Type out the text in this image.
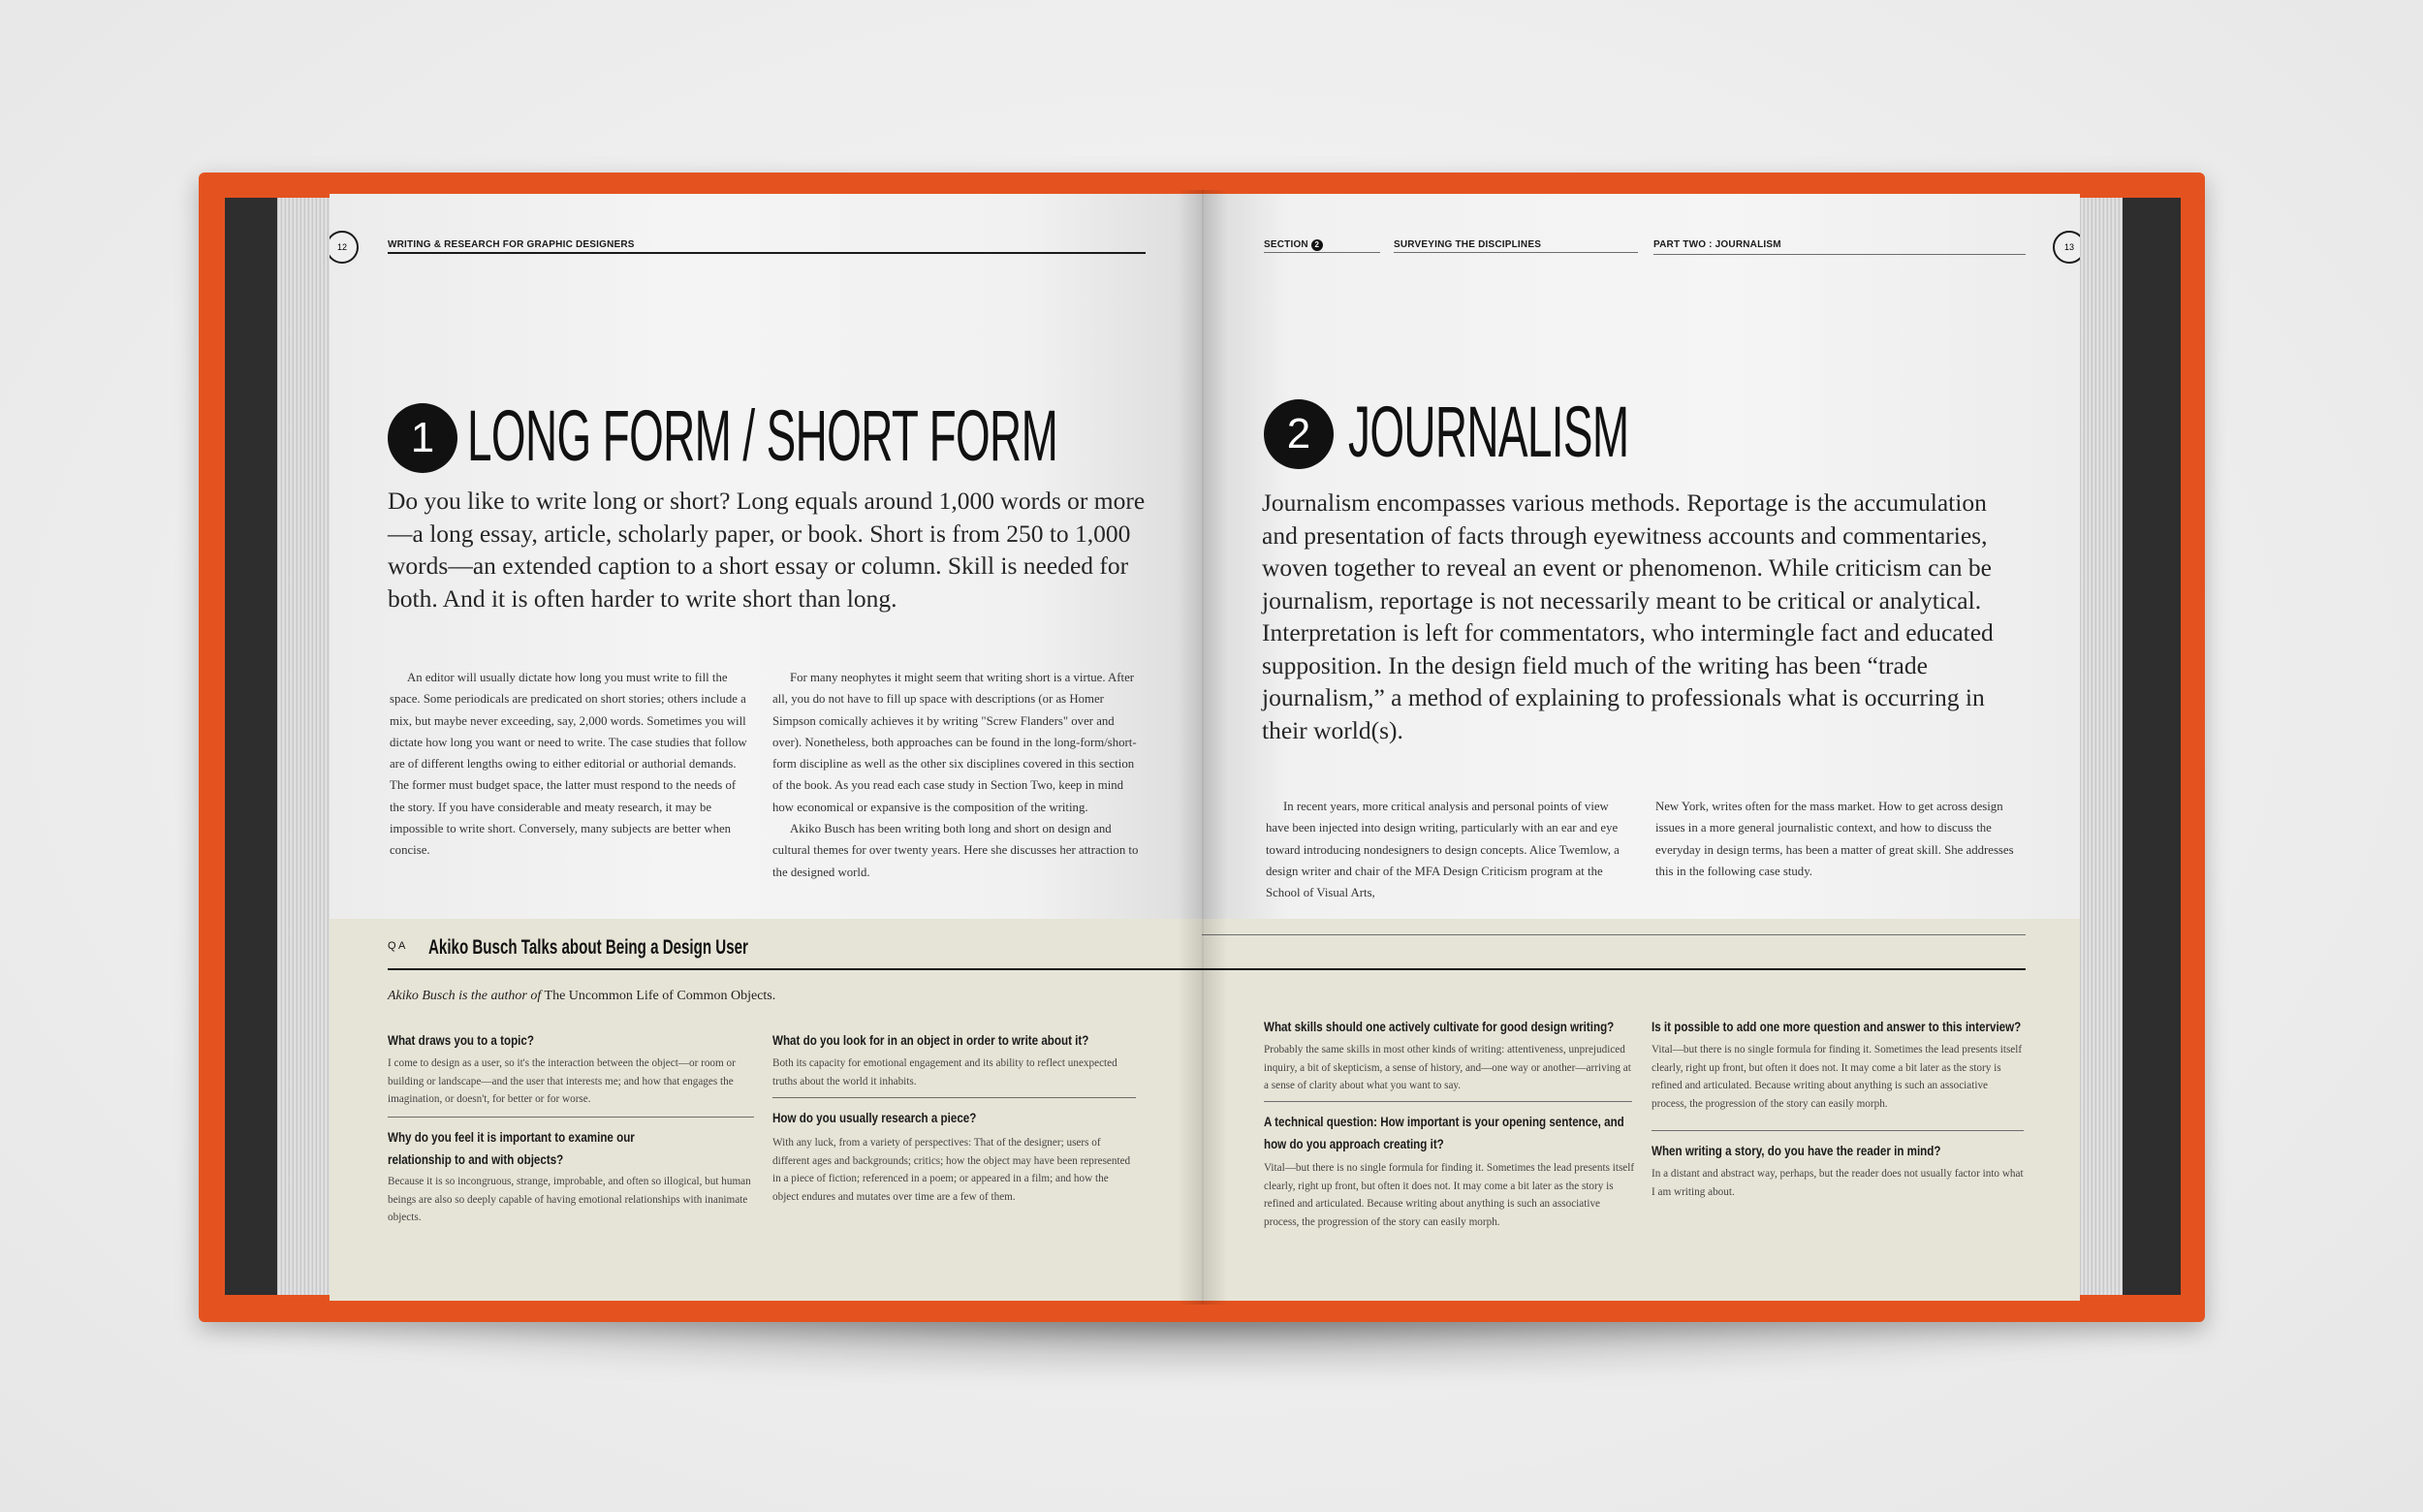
12	WRITING & RESEARCH FOR GRAPHIC DESIGNERS
1 LONG FORM / SHORT FORM
Do you like to write long or short? Long equals around 1,000 words or more—a long essay, article, scholarly paper, or book. Short is from 250 to 1,000 words—an extended caption to a short essay or column. Skill is needed for both. And it is often harder to write short than long.
An editor will usually dictate how long you must write to fill the space. Some periodicals are predicated on short stories; others include a mix, but maybe never exceeding, say, 2,000 words. Sometimes you will dictate how long you want or need to write. The case studies that follow are of different lengths owing to either editorial or authorial demands. The former must budget space, the latter must respond to the needs of the story. If you have considerable and meaty research, it may be impossible to write short. Conversely, many subjects are better when concise.

For many neophytes it might seem that writing short is a virtue. After all, you do not have to fill up space with descriptions (or as Homer Simpson comically achieves it by writing "Screw Flanders" over and over). Nonetheless, both approaches can be found in the long-form/short-form discipline as well as the other six disciplines covered in this section of the book. As you read each case study in Section Two, keep in mind how economical or expansive is the composition of the writing.

Akiko Busch has been writing both long and short on design and cultural themes for over twenty years. Here she discusses her attraction to the designed world.

Q A Akiko Busch Talks about Being a Design User
Akiko Busch is the author of The Uncommon Life of Common Objects.
What draws you to a topic?
I come to design as a user, so it's the interaction between the object—or room or building or landscape—and the user that interests me; and how that engages the imagination, or doesn't, for better or for worse.
Why do you feel it is important to examine our relationship to and with objects?
Because it is so incongruous, strange, improbable, and often so illogical, but human beings are also so deeply capable of having emotional relationships with inanimate objects.
What do you look for in an object in order to write about it?
Both its capacity for emotional engagement and its ability to reflect unexpected truths about the world it inhabits.
How do you usually research a piece?
With any luck, from a variety of perspectives: That of the designer; users of different ages and backgrounds; critics; how the object may have been represented in a piece of fiction; referenced in a poem; or appeared in a film; and how the object endures and mutates over time are a few of them.
SECTION 2	SURVEYING THE DISCIPLINES	PART TWO : JOURNALISM	13
2 JOURNALISM
Journalism encompasses various methods. Reportage is the accumulation and presentation of facts through eyewitness accounts and commentaries, woven together to reveal an event or phenomenon. While criticism can be journalism, reportage is not necessarily meant to be critical or analytical. Interpretation is left for commentators, who intermingle fact and educated supposition. In the design field much of the writing has been “trade journalism,” a method of explaining to professionals what is occurring in their world(s).
In recent years, more critical analysis and personal points of view have been injected into design writing, particularly with an ear and eye toward introducing nondesigners to design concepts. Alice Twemlow, a design writer and chair of the MFA Design Criticism program at the School of Visual Arts,
New York, writes often for the mass market. How to get across design issues in a more general journalistic context, and how to discuss the everyday in design terms, has been a matter of great skill. She addresses this in the following case study.
What skills should one actively cultivate for good design writing?
Probably the same skills in most other kinds of writing: attentiveness, unprejudiced inquiry, a bit of skepticism, a sense of history, and—one way or another—arriving at a sense of clarity about what you want to say.
A technical question: How important is your opening sentence, and how do you approach creating it?
Vital—but there is no single formula for finding it. Sometimes the lead presents itself clearly, right up front, but often it does not. It may come a bit later as the story is refined and articulated. Because writing about anything is such an associative process, the progression of the story can easily morph.
Is it possible to add one more question and answer to this interview?
Vital—but there is no single formula for finding it. Sometimes the lead presents itself clearly, right up front, but often it does not. It may come a bit later as the story is refined and articulated. Because writing about anything is such an associative process, the progression of the story can easily morph.
When writing a story, do you have the reader in mind?
In a distant and abstract way, perhaps, but the reader does not usually factor into what I am writing about.
